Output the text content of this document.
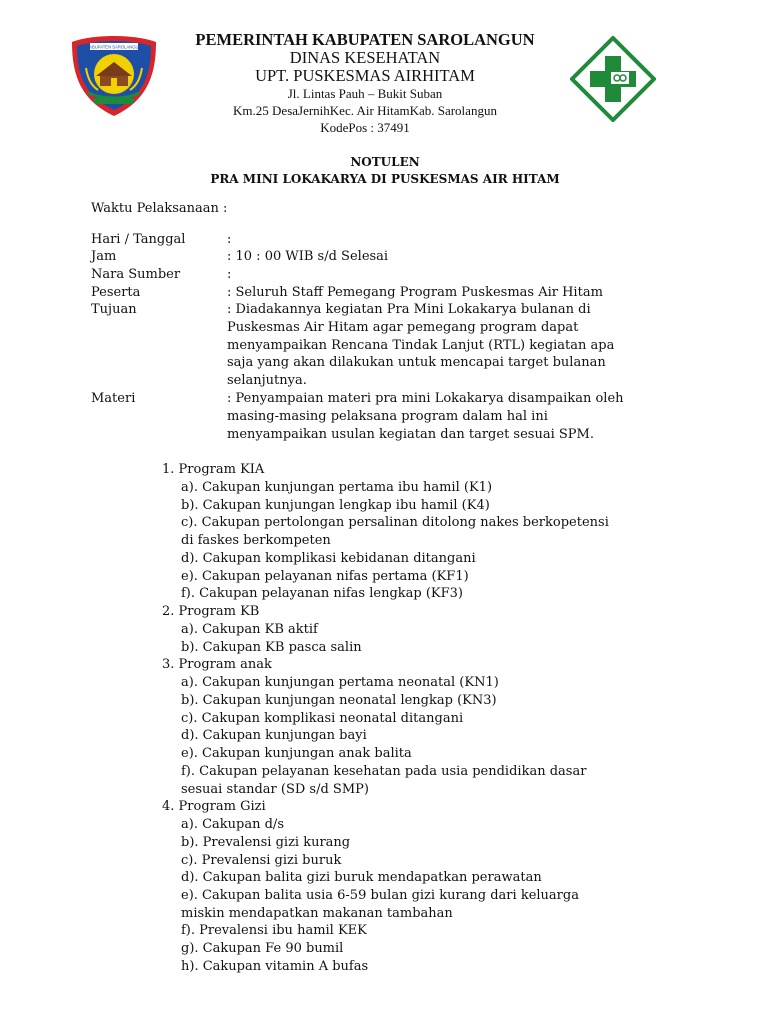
KABUPATEN SAROLANGUN	PEMERINTAH KABUPATEN SAROLANGUN
DINAS KESEHATAN
UPT. PUSKESMAS AIRHITAM
Jl. Lintas Pauh – Bukit Suban
Km.25 DesaJernihKec. Air HitamKab. Sarolangun
KodePos : 37491
NOTULEN
PRA MINI LOKAKARYA DI PUSKESMAS AIR HITAM
Waktu Pelaksanaan :
Hari / Tanggal	:
Jam	: 10 : 00 WIB s/d Selesai
Nara Sumber	:
Peserta	: Seluruh Staff Pemegang Program Puskesmas Air Hitam
Tujuan	: Diadakannya kegiatan Pra Mini Lokakarya bulanan di
Puskesmas Air Hitam agar pemegang program dapat
menyampaikan Rencana Tindak Lanjut (RTL) kegiatan apa
saja yang akan dilakukan untuk mencapai target bulanan
selanjutnya.
Materi	: Penyampaian materi pra mini Lokakarya disampaikan oleh
masing-masing pelaksana program dalam hal ini
menyampaikan usulan kegiatan dan target sesuai SPM.
1. Program KIA
a). Cakupan kunjungan pertama ibu hamil (K1)
b). Cakupan kunjungan lengkap ibu hamil (K4)
c). Cakupan pertolongan persalinan ditolong nakes berkopetensi
di faskes berkompeten
d). Cakupan komplikasi kebidanan ditangani
e). Cakupan pelayanan nifas pertama (KF1)
f). Cakupan pelayanan nifas lengkap (KF3)
2. Program KB
a). Cakupan KB aktif
b). Cakupan KB pasca salin
3. Program anak
a). Cakupan kunjungan pertama neonatal (KN1)
b). Cakupan kunjungan neonatal lengkap (KN3)
c). Cakupan komplikasi neonatal ditangani
d). Cakupan kunjungan bayi
e). Cakupan kunjungan anak balita
f). Cakupan pelayanan kesehatan pada usia pendidikan dasar
sesuai standar (SD s/d SMP)
4. Program Gizi
a). Cakupan d/s
b). Prevalensi gizi kurang
c). Prevalensi gizi buruk
d). Cakupan balita gizi buruk mendapatkan perawatan
e). Cakupan balita usia 6-59 bulan gizi kurang dari keluarga
miskin mendapatkan makanan tambahan
f). Prevalensi ibu hamil KEK
g). Cakupan Fe 90 bumil
h). Cakupan vitamin A bufas
